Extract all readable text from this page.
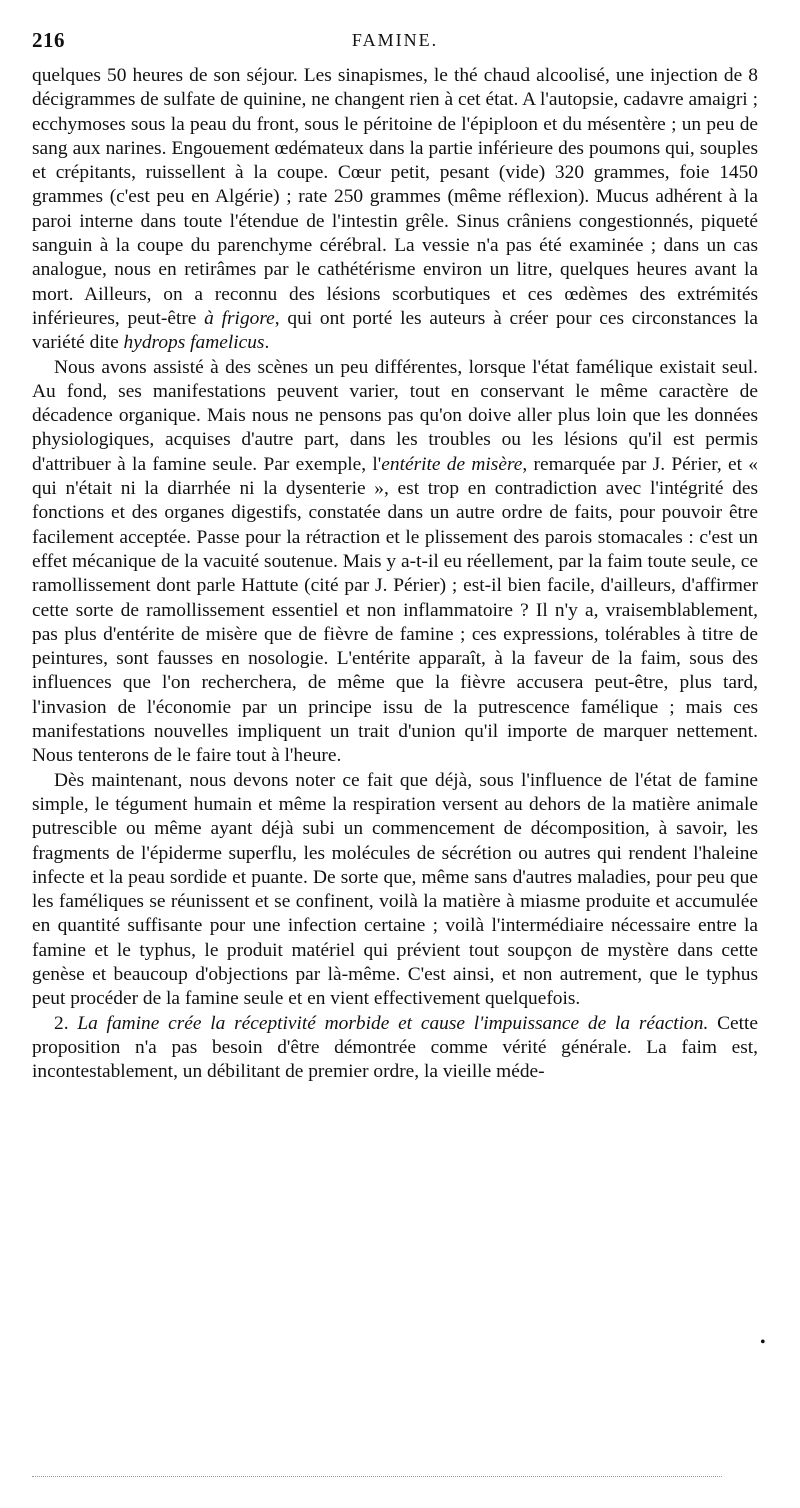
216	FAMINE.

quelques 50 heures de son séjour. Les sinapismes, le thé chaud alcoolisé, une injection de 8 décigrammes de sulfate de quinine, ne changent rien à cet état. A l'autopsie, cadavre amaigri ; ecchymoses sous la peau du front, sous le péritoine de l'épiploon et du mésentère ; un peu de sang aux narines. Engouement œdémateux dans la partie inférieure des poumons qui, souples et crépitants, ruissellent à la coupe. Cœur petit, pesant (vide) 320 grammes, foie 1450 grammes (c'est peu en Algérie) ; rate 250 grammes (même réflexion). Mucus adhérent à la paroi interne dans toute l'étendue de l'intestin grêle. Sinus crâniens congestionnés, piqueté sanguin à la coupe du parenchyme cérébral. La vessie n'a pas été examinée ; dans un cas analogue, nous en retirâmes par le cathétérisme environ un litre, quelques heures avant la mort. Ailleurs, on a reconnu des lésions scorbutiques et ces œdèmes des extrémités inférieures, peut-être à frigore, qui ont porté les auteurs à créer pour ces circonstances la variété dite hydrops famelicus.

Nous avons assisté à des scènes un peu différentes, lorsque l'état famélique existait seul. Au fond, ses manifestations peuvent varier, tout en conservant le même caractère de décadence organique. Mais nous ne pensons pas qu'on doive aller plus loin que les données physiologiques, acquises d'autre part, dans les troubles ou les lésions qu'il est permis d'attribuer à la famine seule. Par exemple, l'entérite de misère, remarquée par J. Périer, et « qui n'était ni la diarrhée ni la dysenterie », est trop en contradiction avec l'intégrité des fonctions et des organes digestifs, constatée dans un autre ordre de faits, pour pouvoir être facilement acceptée. Passe pour la rétraction et le plissement des parois stomacales : c'est un effet mécanique de la vacuité soutenue. Mais y a-t-il eu réellement, par la faim toute seule, ce ramollissement dont parle Hattute (cité par J. Périer) ; est-il bien facile, d'ailleurs, d'affirmer cette sorte de ramollissement essentiel et non inflammatoire ? Il n'y a, vraisemblablement, pas plus d'entérite de misère que de fièvre de famine ; ces expressions, tolérables à titre de peintures, sont fausses en nosologie. L'entérite apparaît, à la faveur de la faim, sous des influences que l'on recherchera, de même que la fièvre accusera peut-être, plus tard, l'invasion de l'économie par un principe issu de la putrescence famélique ; mais ces manifestations nouvelles impliquent un trait d'union qu'il importe de marquer nettement. Nous tenterons de le faire tout à l'heure.

Dès maintenant, nous devons noter ce fait que déjà, sous l'influence de l'état de famine simple, le tégument humain et même la respiration versent au dehors de la matière animale putrescible ou même ayant déjà subi un commencement de décomposition, à savoir, les fragments de l'épiderme superflu, les molécules de sécrétion ou autres qui rendent l'haleine infecte et la peau sordide et puante. De sorte que, même sans d'autres maladies, pour peu que les faméliques se réunissent et se confinent, voilà la matière à miasme produite et accumulée en quantité suffisante pour une infection certaine ; voilà l'intermédiaire nécessaire entre la famine et le typhus, le produit matériel qui prévient tout soupçon de mystère dans cette genèse et beaucoup d'objections par là-même. C'est ainsi, et non autrement, que le typhus peut procéder de la famine seule et en vient effectivement quelquefois.

2. La famine crée la réceptivité morbide et cause l'impuissance de la réaction. Cette proposition n'a pas besoin d'être démontrée comme vérité générale. La faim est, incontestablement, un débilitant de premier ordre, la vieille méde-

•
